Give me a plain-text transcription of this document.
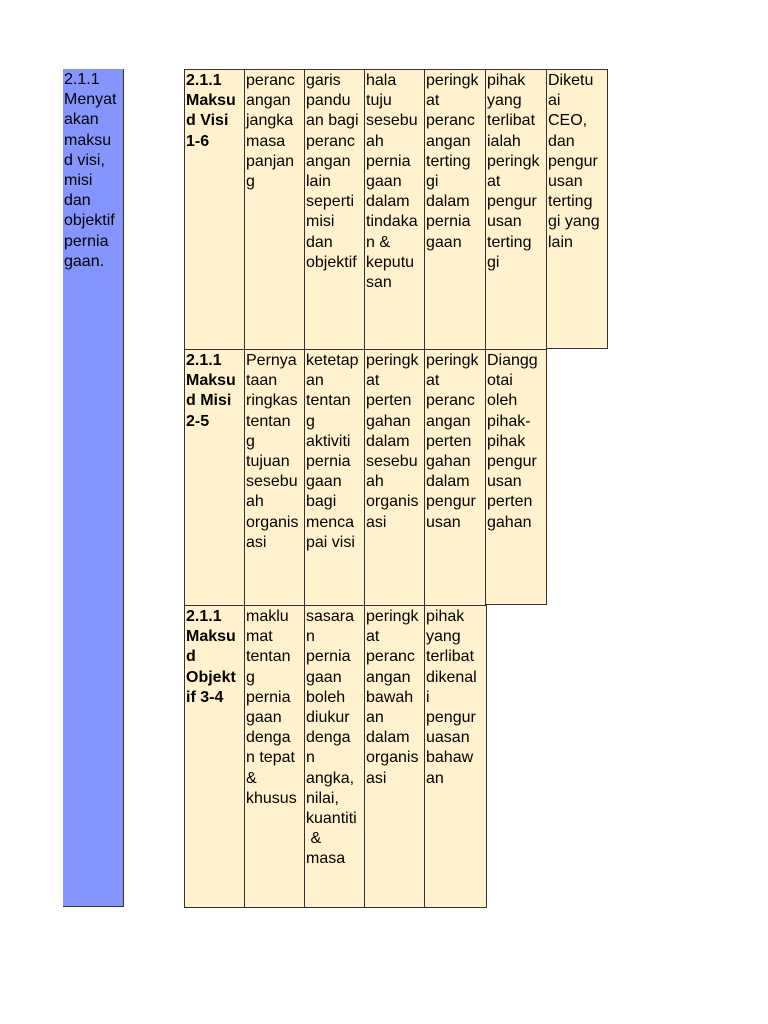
2.1.1
Menyat
akan
maksu
d visi,
misi
dan
objektif
pernia
gaan.
2.1.1
Maksu
d Visi
1-6
peranc
angan
jangka
masa
panjan
g
garis
pandu
an bagi
peranc
angan
lain
seperti
misi
dan
objektif
hala
tuju
sesebu
ah
pernia
gaan
dalam
tindaka
n &
keputu
san
peringk
at
peranc
angan
terting
gi
dalam
pernia
gaan
pihak
yang
terlibat
ialah
peringk
at
pengur
usan
terting
gi
Diketu
ai
CEO,
dan
pengur
usan
terting
gi yang
lain
2.1.1
Maksu
d Misi
2-5
Pernya
taan
ringkas
tentan
g
tujuan
sesebu
ah
organis
asi
ketetap
an
tentan
g
aktiviti
pernia
gaan
bagi
menca
pai visi
peringk
at
perten
gahan
dalam
sesebu
ah
organis
asi
peringk
at
peranc
angan
perten
gahan
dalam
pengur
usan
Diangg
otai
oleh
pihak-
pihak
pengur
usan
perten
gahan
2.1.1
Maksu
d
Objekt
if 3-4
maklu
mat
tentan
g
pernia
gaan
denga
n tepat
&
khusus
sasara
n
pernia
gaan
boleh
diukur
denga
n
angka,
nilai,
kuantiti
&
masa
peringk
at
peranc
angan
bawah
an
dalam
organis
asi
pihak
yang
terlibat
dikenal
i
pengur
uasan
bahaw
an
